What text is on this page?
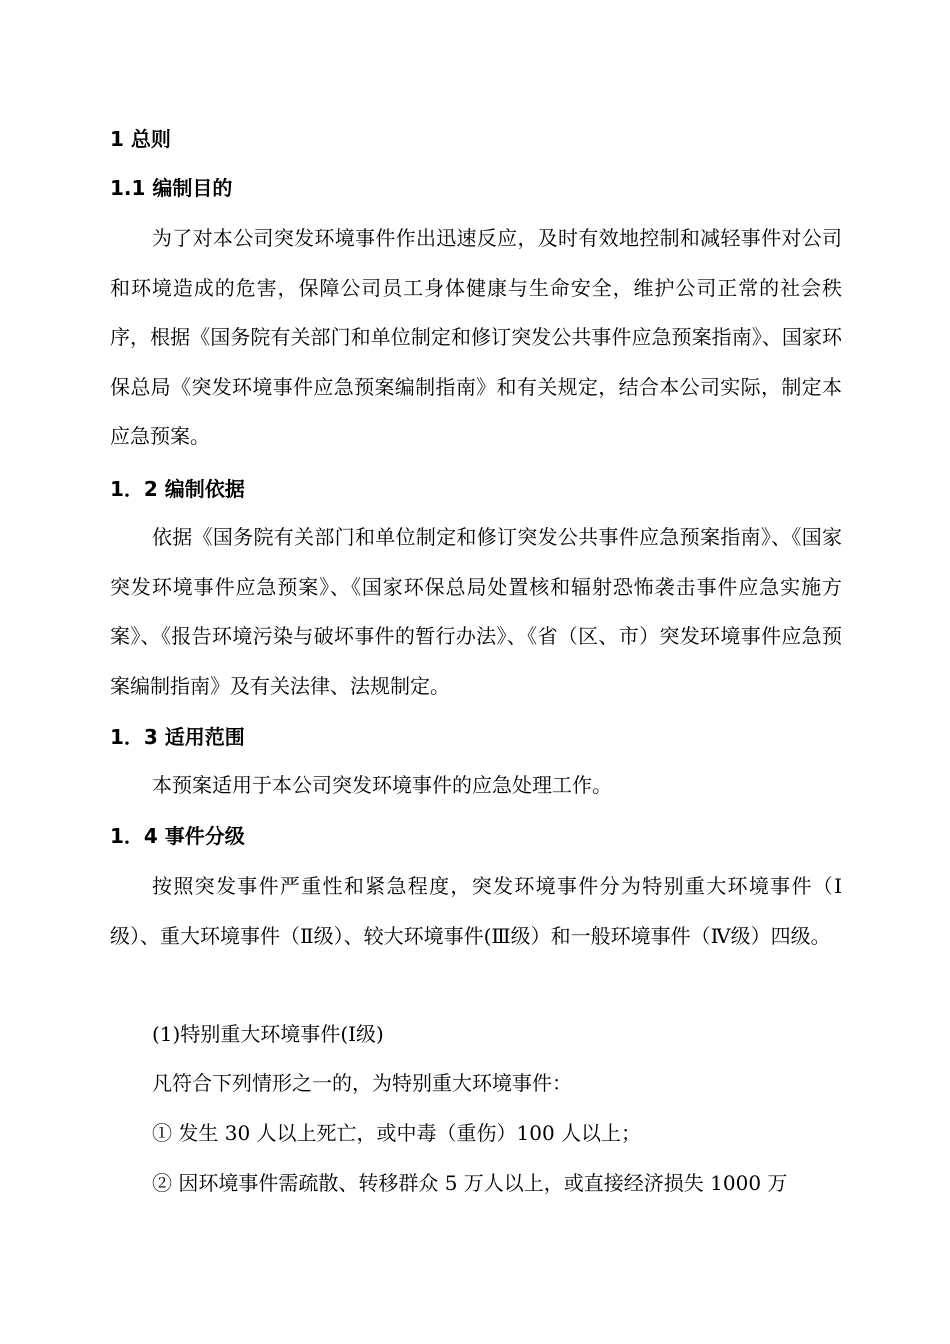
1 总则
1.1 编制目的

为了对本公司突发环境事件作出迅速反应，及时有效地控制和减轻事件对公司和环境造成的危害，保障公司员工身体健康与生命安全，维护公司正常的社会秩序，根据《国务院有关部门和单位制定和修订突发公共事件应急预案指南》、国家环保总局《突发环境事件应急预案编制指南》和有关规定，结合本公司实际，制定本应急预案。

1．2 编制依据

依据《国务院有关部门和单位制定和修订突发公共事件应急预案指南》、《国家突发环境事件应急预案》、《国家环保总局处置核和辐射恐怖袭击事件应急实施方案》、《报告环境污染与破坏事件的暂行办法》、《省（区、市）突发环境事件应急预案编制指南》及有关法律、法规制定。

1．3 适用范围

本预案适用于本公司突发环境事件的应急处理工作。

1．4 事件分级

按照突发事件严重性和紧急程度，突发环境事件分为特别重大环境事件（Ⅰ级）、重大环境事件（Ⅱ级）、较大环境事件(Ⅲ级）和一般环境事件（Ⅳ级）四级。

(1)特别重大环境事件(Ⅰ级)

凡符合下列情形之一的，为特别重大环境事件：

① 发生 30 人以上死亡，或中毒（重伤）100 人以上；

② 因环境事件需疏散、转移群众 5 万人以上，或直接经济损失 1000 万
